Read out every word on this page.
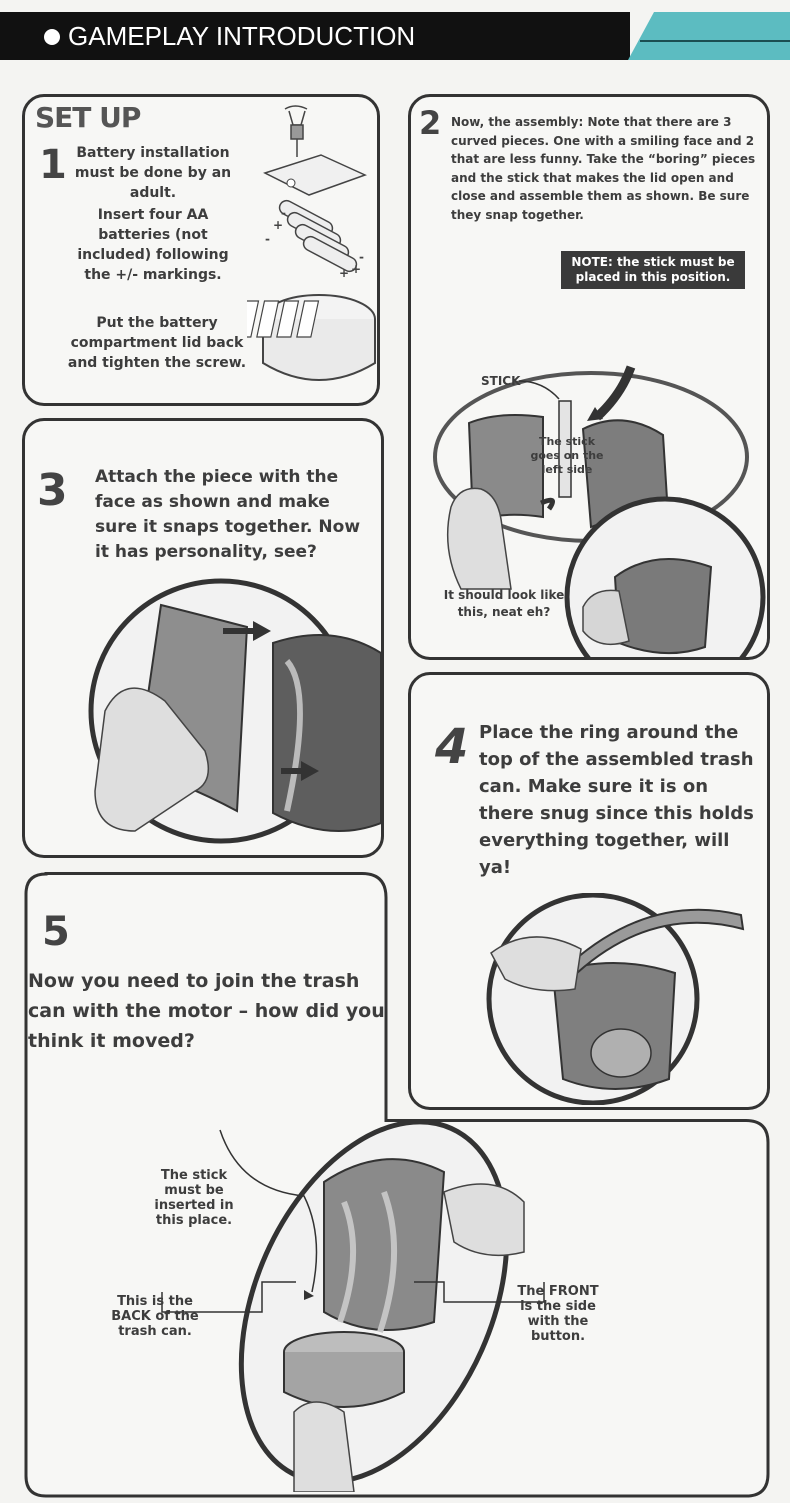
GAMEPLAY INTRODUCTION
SET UP
1 Battery installation must be done by an adult.
Insert four AA batteries (not included) following the +/- markings.
Put the battery compartment lid back and tighten the screw.
+
-
-
+
-
+
2 Now, the assembly: Note that there are 3 curved pieces. One with a smiling face and 2 that are less funny. Take the “boring” pieces and the stick that makes the lid open and close and assemble them as shown. Be sure they snap together.
NOTE: the stick must be placed in this position.
STICK
The stick goes on the left side
It should look like this, neat eh?
3 Attach the piece with the face as shown and make sure it snaps together. Now it has personality, see?
4 Place the ring around the top of the assembled trash can. Make sure it is on there snug since this holds everything together, will ya!
5
Now you need to join the trash can with the motor – how did you think it moved?
The stick must be inserted in this place.
This is the BACK of the trash can.
The FRONT is the side with the button.
